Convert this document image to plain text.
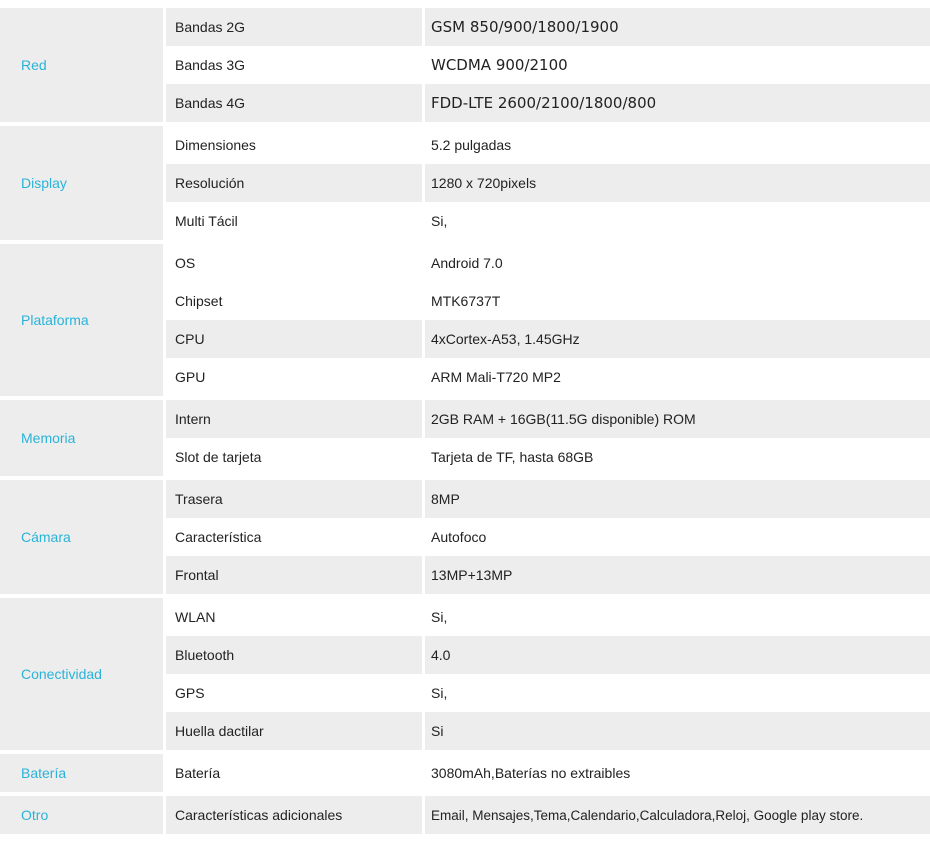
Red
Bandas 2G	GSM 850/900/1800/1900
Bandas 3G	WCDMA 900/2100
Bandas 4G	FDD-LTE 2600/2100/1800/800
Display
Dimensiones	5.2 pulgadas
Resolución	1280 x 720pixels
Multi Tácil	Si,
Plataforma
OS	Android 7.0
Chipset	MTK6737T
CPU	4xCortex-A53, 1.45GHz
GPU	ARM Mali-T720 MP2
Memoria
Intern	2GB RAM + 16GB(11.5G disponible) ROM
Slot de tarjeta	Tarjeta de TF, hasta 68GB
Cámara
Trasera	8MP
Característica	Autofoco
Frontal	13MP+13MP
Conectividad
WLAN	Si,
Bluetooth	4.0
GPS	Si,
Huella dactilar	Si
Batería	Batería	3080mAh,Baterías no extraibles
Otro	Características adicionales	Email, Mensajes,Tema,Calendario,Calculadora,Reloj, Google play store.
